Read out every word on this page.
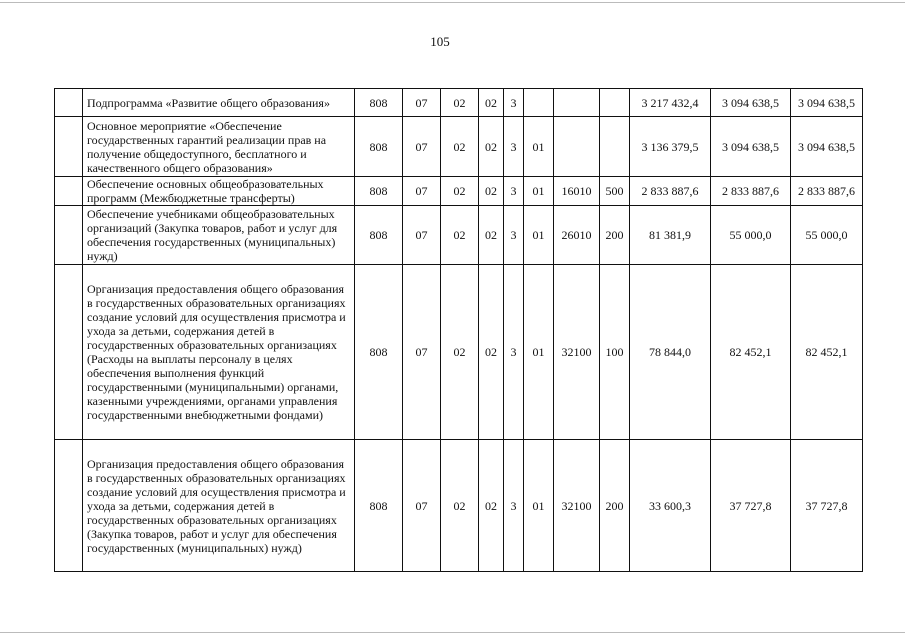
105
	Подпрограмма «Развитие общего образования»	808	07	02	02	3				3 217 432,4	3 094 638,5	3 094 638,5
	Основное мероприятие «Обеспечение государственных гарантий реализации прав на получение общедоступного, бесплатного и качественного общего образования»	808	07	02	02	3	01			3 136 379,5	3 094 638,5	3 094 638,5
	Обеспечение основных общеобразовательных программ (Межбюджетные трансферты)	808	07	02	02	3	01	16010	500	2 833 887,6	2 833 887,6	2 833 887,6
	Обеспечение учебниками общеобразовательных организаций (Закупка товаров, работ и услуг для обеспечения государственных (муниципальных) нужд)	808	07	02	02	3	01	26010	200	81 381,9	55 000,0	55 000,0
	Организация предоставления общего образования в государственных образовательных организациях создание условий для осуществления присмотра и ухода за детьми, содержания детей в государственных образовательных организациях (Расходы на выплаты персоналу в целях обеспечения выполнения функций государственными (муниципальными) органами, казенными учреждениями, органами управления государственными внебюджетными фондами)	808	07	02	02	3	01	32100	100	78 844,0	82 452,1	82 452,1
	Организация предоставления общего образования в государственных образовательных организациях создание условий для осуществления присмотра и ухода за детьми, содержания детей в государственных образовательных организациях (Закупка товаров, работ и услуг для обеспечения государственных (муниципальных) нужд)	808	07	02	02	3	01	32100	200	33 600,3	37 727,8	37 727,8
